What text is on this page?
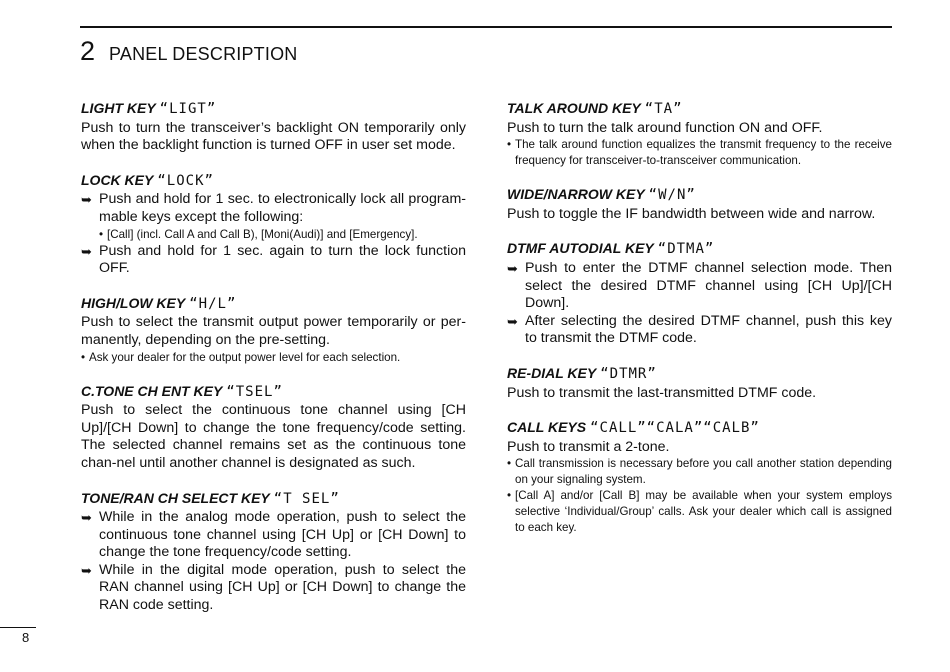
2 PANEL DESCRIPTION
LIGHT KEY “LIGT”
Push to turn the transceiver’s backlight ON temporarily only when the backlight function is turned OFF in user set mode.
LOCK KEY “LOCK”
➥ Push and hold for 1 sec. to electronically lock all program-mable keys except the following:
• [Call] (incl. Call A and Call B), [Moni(Audi)] and [Emergency].
➥ Push and hold for 1 sec. again to turn the lock function OFF.
HIGH/LOW KEY “H/L”
Push to select the transmit output power temporarily or per-manently, depending on the pre-setting.
• Ask your dealer for the output power level for each selection.
C.TONE CH ENT KEY “TSEL”
Push to select the continuous tone channel using [CH Up]/[CH Down] to change the tone frequency/code setting. The selected channel remains set as the continuous tone chan-nel until another channel is designated as such.
TONE/RAN CH SELECT KEY “T SEL”
➥ While in the analog mode operation, push to select the continuous tone channel using [CH Up] or [CH Down] to change the tone frequency/code setting.
➥ While in the digital mode operation, push to select the RAN channel using [CH Up] or [CH Down] to change the RAN code setting.
TALK AROUND KEY “TA”
Push to turn the talk around function ON and OFF.
• The talk around function equalizes the transmit frequency to the receive frequency for transceiver-to-transceiver communication.
WIDE/NARROW KEY “W/N”
Push to toggle the IF bandwidth between wide and narrow.
DTMF AUTODIAL KEY “DTMA”
➥ Push to enter the DTMF channel selection mode. Then select the desired DTMF channel using [CH Up]/[CH Down].
➥ After selecting the desired DTMF channel, push this key to transmit the DTMF code.
RE-DIAL KEY “DTMR”
Push to transmit the last-transmitted DTMF code.
CALL KEYS “CALL”“CALA”“CALB”
Push to transmit a 2-tone.
• Call transmission is necessary before you call another station depending on your signaling system.
• [Call A] and/or [Call B] may be available when your system employs selective ‘Individual/Group’ calls. Ask your dealer which call is assigned to each key.
8
